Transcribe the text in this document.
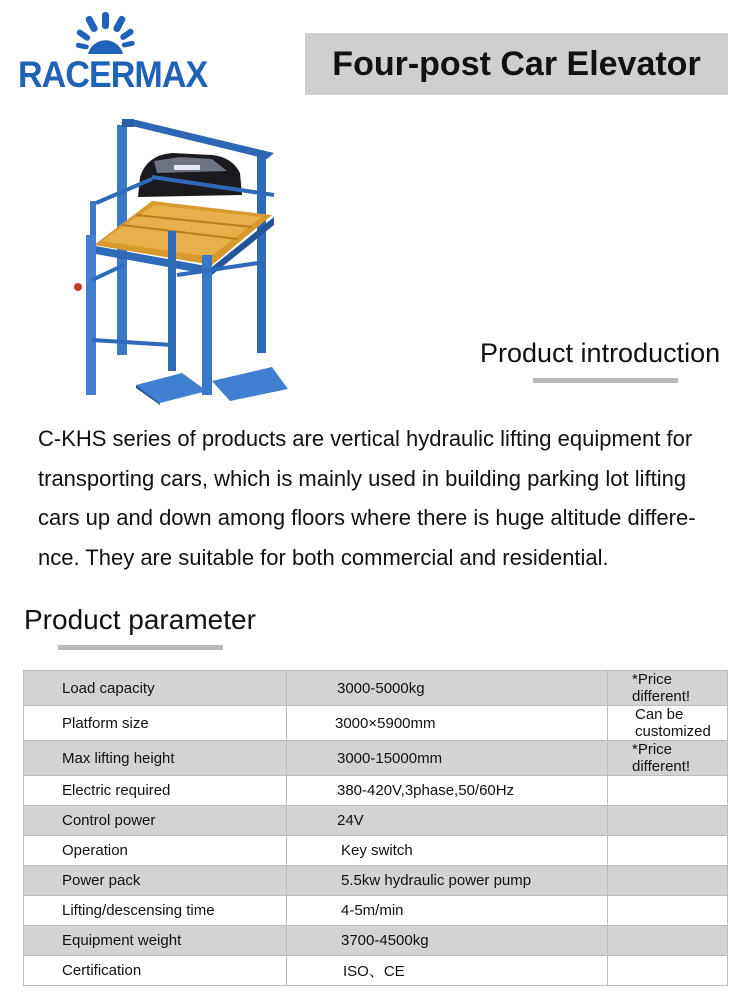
RACERMAX	Four-post Car Elevator
Product introduction
C-KHS series of products are vertical hydraulic lifting equipment for
transporting cars, which is mainly used in building parking lot lifting
cars up and down among floors where there is huge altitude differe-
nce. They are suitable for both commercial and residential.
Product parameter
Load capacity	3000-5000kg	*Price different!
Platform size	3000×5900mm	Can be customized
Max lifting height	3000-15000mm	*Price different!
Electric required	380-420V,3phase,50/60Hz	
Control power	24V	
Operation	Key switch	
Power pack	5.5kw hydraulic power pump	
Lifting/descensing time	4-5m/min	
Equipment weight	3700-4500kg	
Certification	ISO、CE	
